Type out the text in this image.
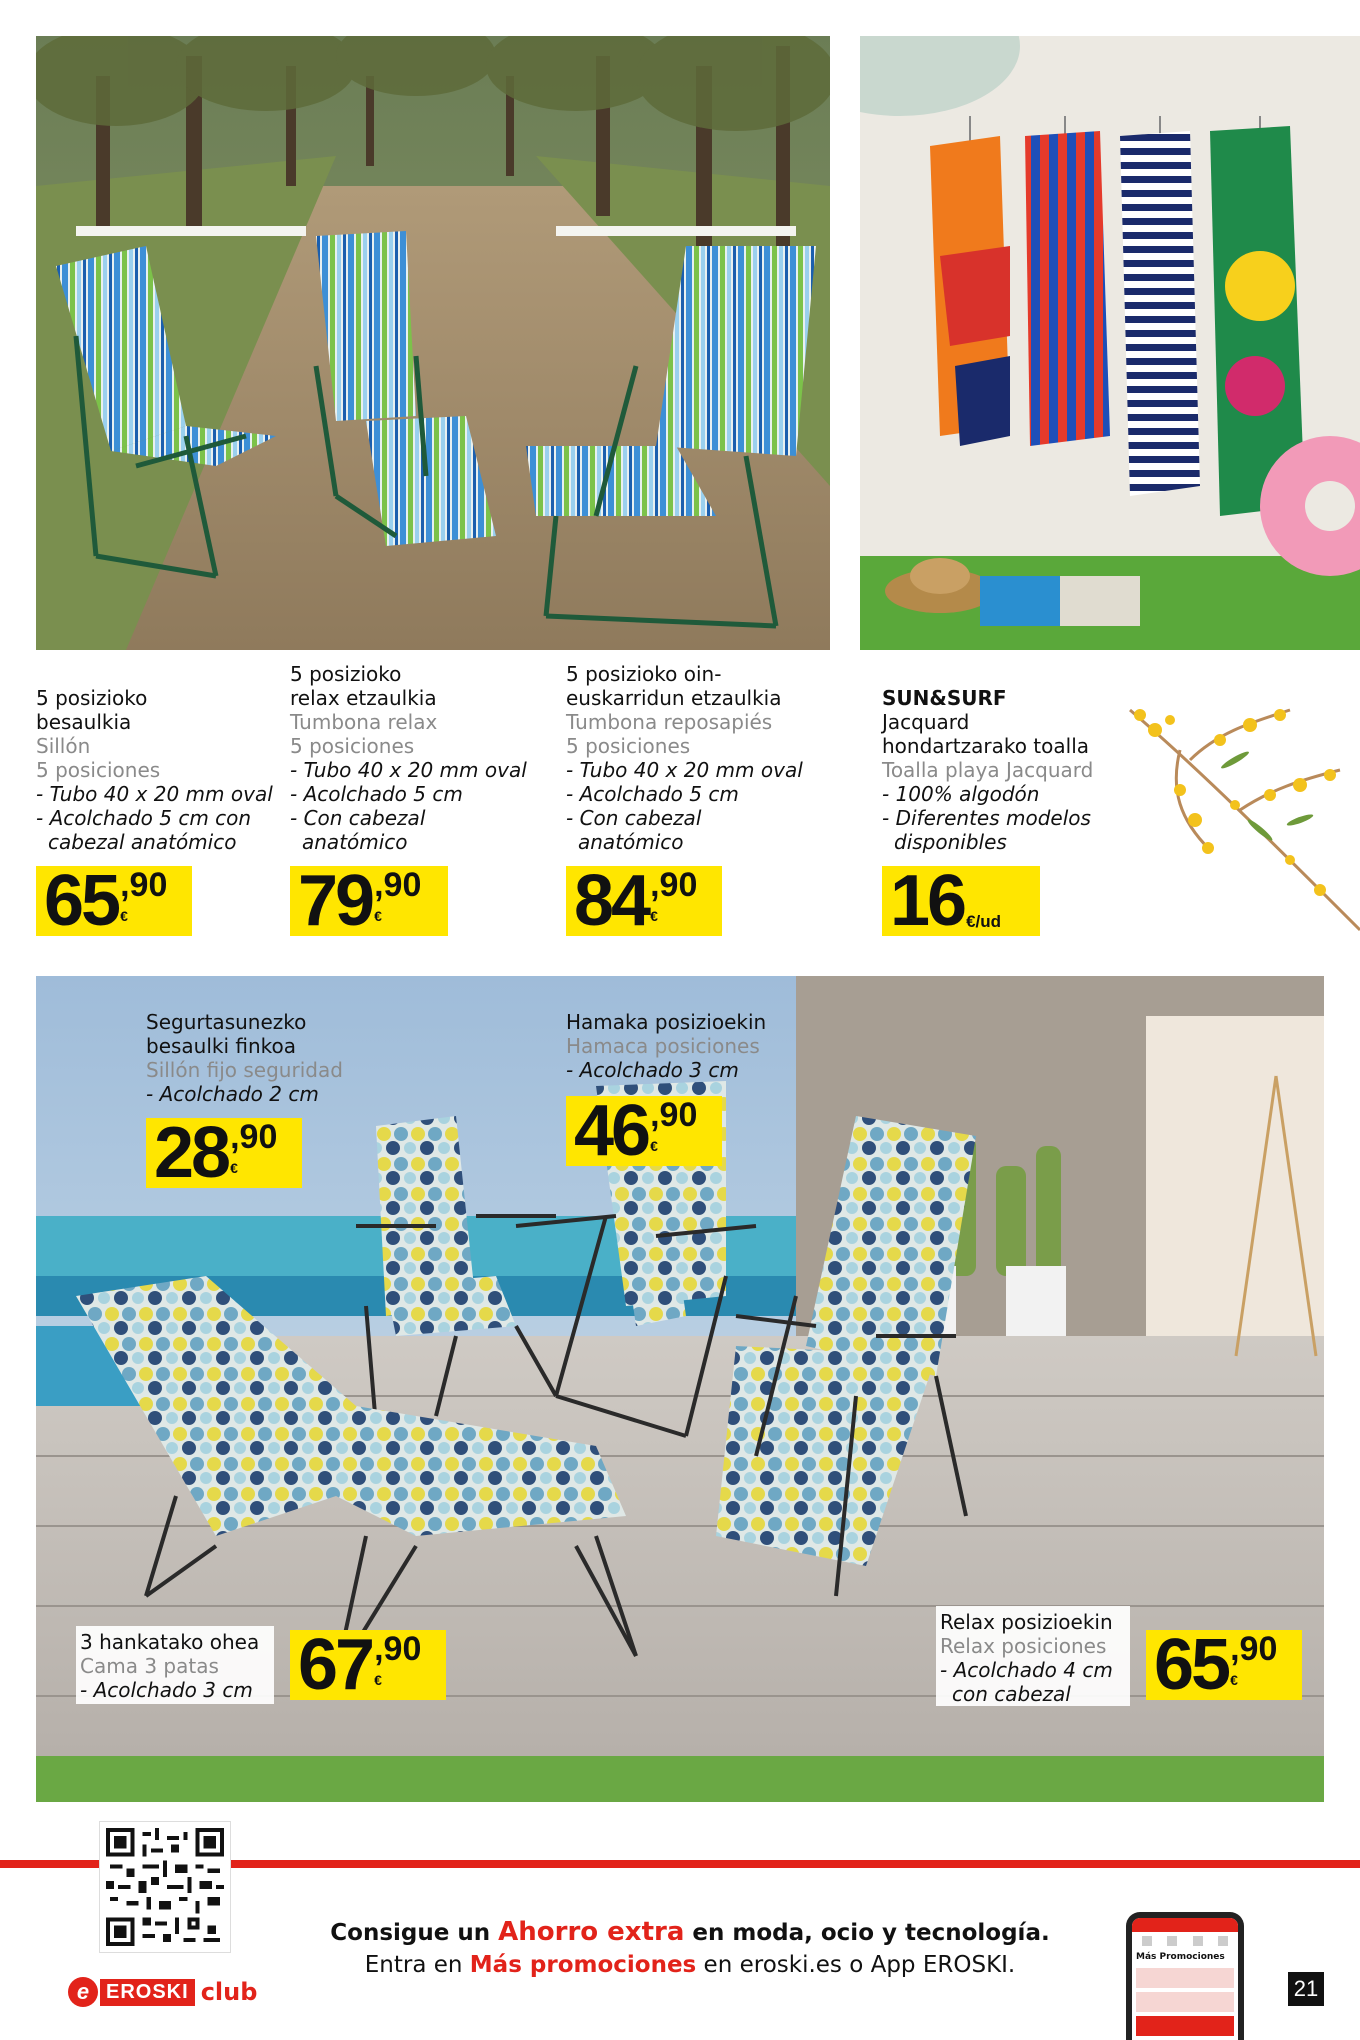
5 posizioko
besaulkia
Sillón
5 posiciones
- Tubo 40 x 20 mm oval
- Acolchado 5 cm con
cabezal anatómico
65 ,90
€
5 posizioko
relax etzaulkia
Tumbona relax
5 posiciones
- Tubo 40 x 20 mm oval
- Acolchado 5 cm
- Con cabezal
anatómico
79 ,90
€
5 posizioko oin-
euskarridun etzaulkia
Tumbona reposapiés
5 posiciones
- Tubo 40 x 20 mm oval
- Acolchado 5 cm
- Con cabezal
anatómico
84 ,90
€
SUN&SURF
Jacquard
hondartzarako toalla
Toalla playa Jacquard
- 100% algodón
- Diferentes modelos
disponibles
16 €/ud
Segurtasunezko
besaulki finkoa
Sillón fijo seguridad
- Acolchado 2 cm
28 ,90
€
Hamaka posizioekin
Hamaca posiciones
- Acolchado 3 cm
46 ,90
€
3 hankatako ohea
Cama 3 patas
- Acolchado 3 cm 67 ,90
€
Relax posizioekin
Relax posiciones
- Acolchado 4 cm
con cabezal	65 ,90
€
Consigue un Ahorro extra en moda, ocio y tecnología.
Entra en Más promociones en eroski.es o App EROSKI.
e EROSKI club
Más Promociones
21
